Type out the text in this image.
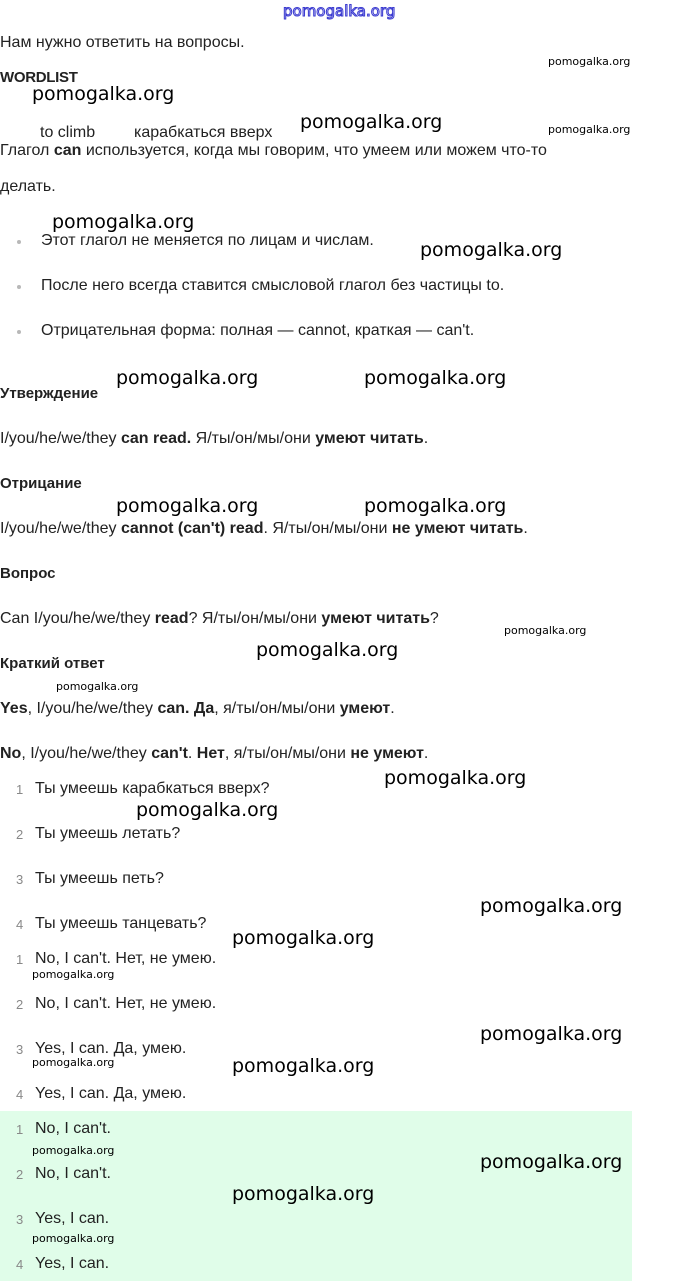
pomogalka.org
Нам нужно ответить на вопросы.
WORDLIST
to climb карабкаться вверх
Глагол can используется, когда мы говорим, что умеем или можем что-то
делать.
Этот глагол не меняется по лицам и числам.
После него всегда ставится смысловой глагол без частицы to.
Отрицательная форма: полная — cannot, краткая — can't.
Утверждение
I/you/he/we/they can read. Я/ты/он/мы/они умеют читать.
Отрицание
I/you/he/we/they cannot (can't) read. Я/ты/он/мы/они не умеют читать.
Вопрос
Can I/you/he/we/they read? Я/ты/он/мы/они умеют читать?
Краткий ответ
Yes, I/you/he/we/they can. Да, я/ты/он/мы/они умеют.
No, I/you/he/we/they can't. Нет, я/ты/он/мы/они не умеют.
1 Ты умеешь карабкаться вверх?
2 Ты умеешь летать?
3 Ты умеешь петь?
4 Ты умеешь танцевать?
1 No, I can't. Нет, не умею.
2 No, I can't. Нет, не умею.
3 Yes, I can. Да, умею.
4 Yes, I can. Да, умею.
1 No, I can't.
2 No, I can't.
3 Yes, I can.
4 Yes, I can.
pomogalka.org
pomogalka.org
pomogalka.org	pomogalka.org
pomogalka.org
pomogalka.org
pomogalka.org	pomogalka.org
pomogalka.org	pomogalka.org
pomogalka.org
pomogalka.org
pomogalka.org
pomogalka.org
pomogalka.org
pomogalka.org
pomogalka.org
pomogalka.org
pomogalka.org
pomogalka.org
pomogalka.org
pomogalka.org
pomogalka.org
pomogalka.org
pomogalka.org
